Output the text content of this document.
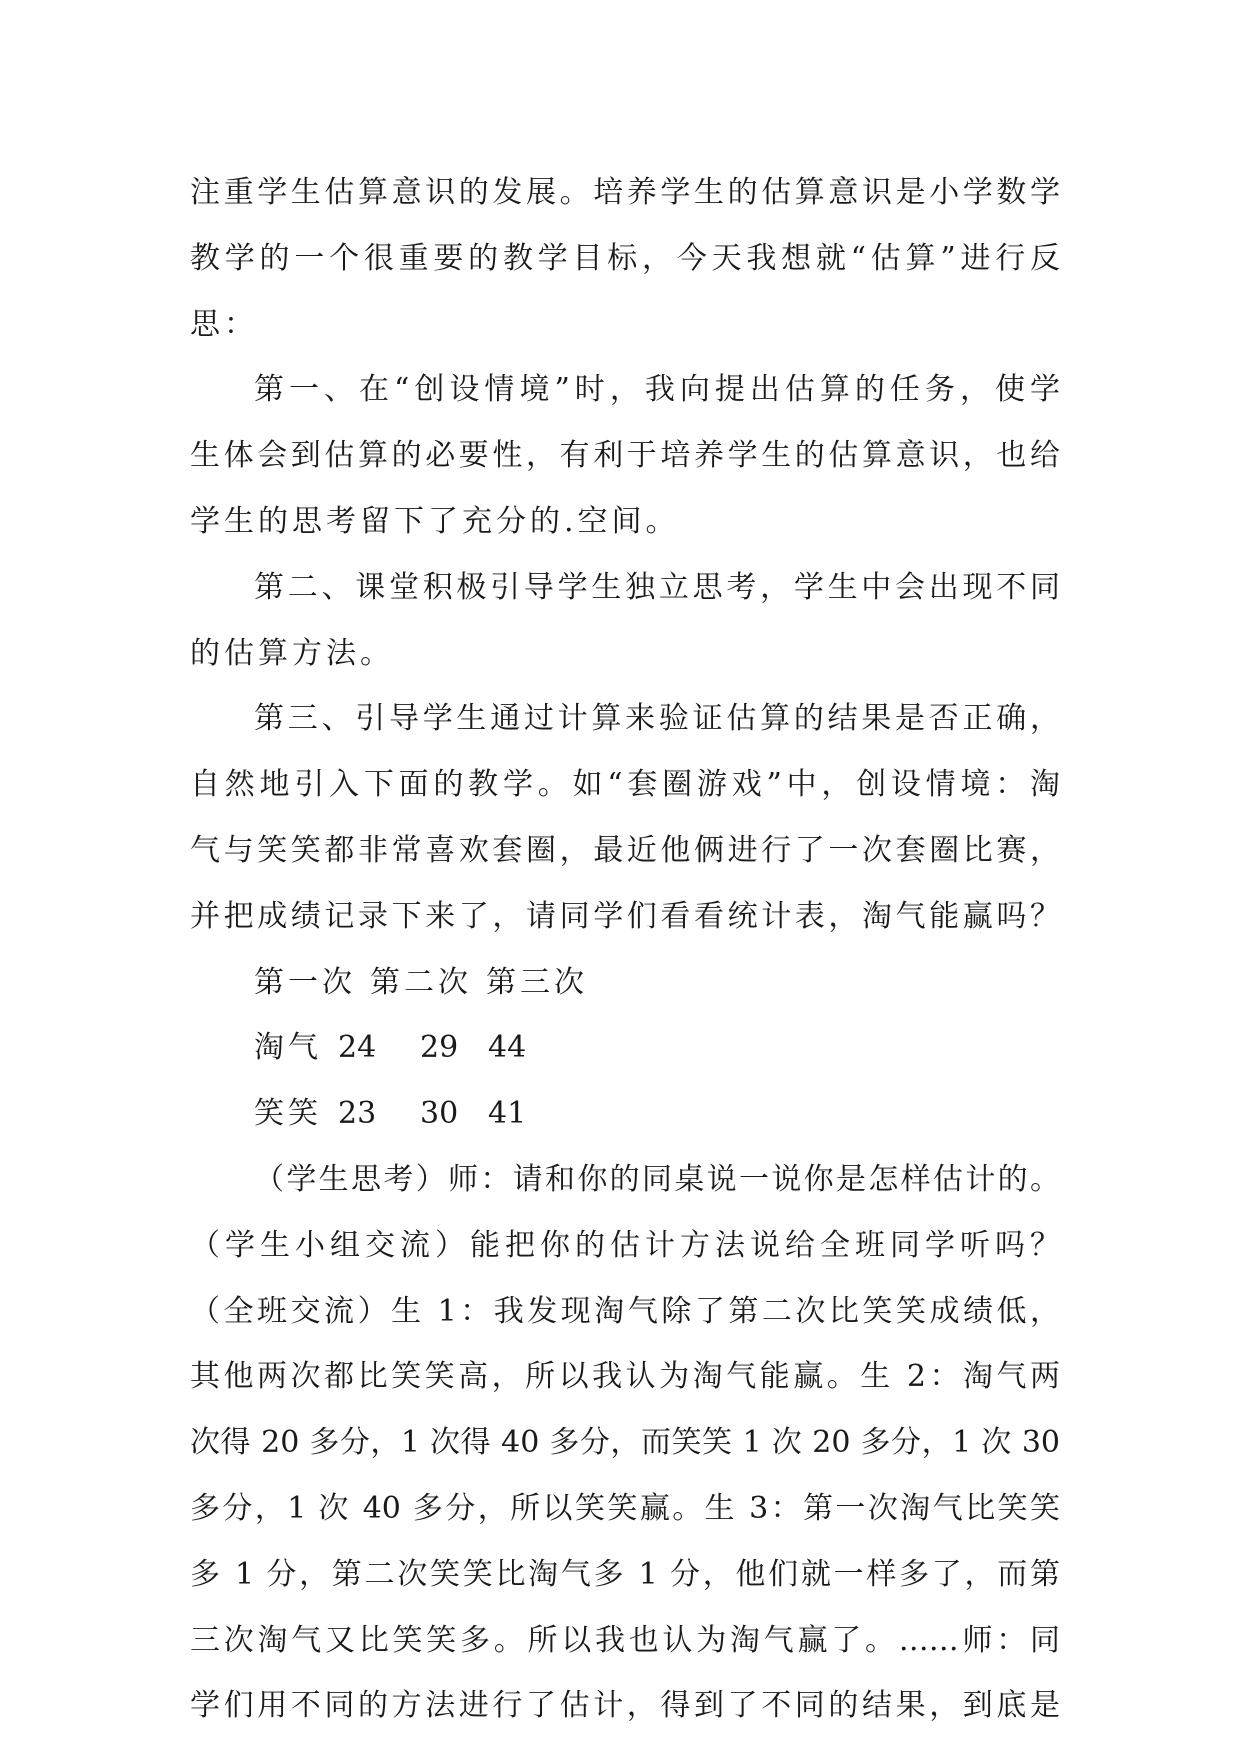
注重学生估算意识的发展。培养学生的估算意识是小学数学
教学的一个很重要的教学目标，今天我想就“估算”进行反
思：
第一、在“创设情境”时，我向提出估算的任务，使学
生体会到估算的必要性，有利于培养学生的估算意识，也给
学生的思考留下了充分的.空间。
第二、课堂积极引导学生独立思考，学生中会出现不同
的估算方法。
第三、引导学生通过计算来验证估算的结果是否正确，
自然地引入下面的教学。如“套圈游戏”中，创设情境：淘
气与笑笑都非常喜欢套圈，最近他俩进行了一次套圈比赛，
并把成绩记录下来了，请同学们看看统计表，淘气能赢吗？
第一次 第二次 第三次
淘气 24 29 44
笑笑 23 30 41
（学生思考）师：请和你的同桌说一说你是怎样估计的。
（学生小组交流）能把你的估计方法说给全班同学听吗？
（全班交流）生 1：我发现淘气除了第二次比笑笑成绩低，
其他两次都比笑笑高，所以我认为淘气能赢。生 2：淘气两
次得 20 多分，1 次得 40 多分，而笑笑 1 次 20 多分，1 次 30
多分，1 次 40 多分，所以笑笑赢。生 3：第一次淘气比笑笑
多 1 分，第二次笑笑比淘气多 1 分，他们就一样多了，而第
三次淘气又比笑笑多。所以我也认为淘气赢了。……师：同
学们用不同的方法进行了估计，得到了不同的结果，到底是
